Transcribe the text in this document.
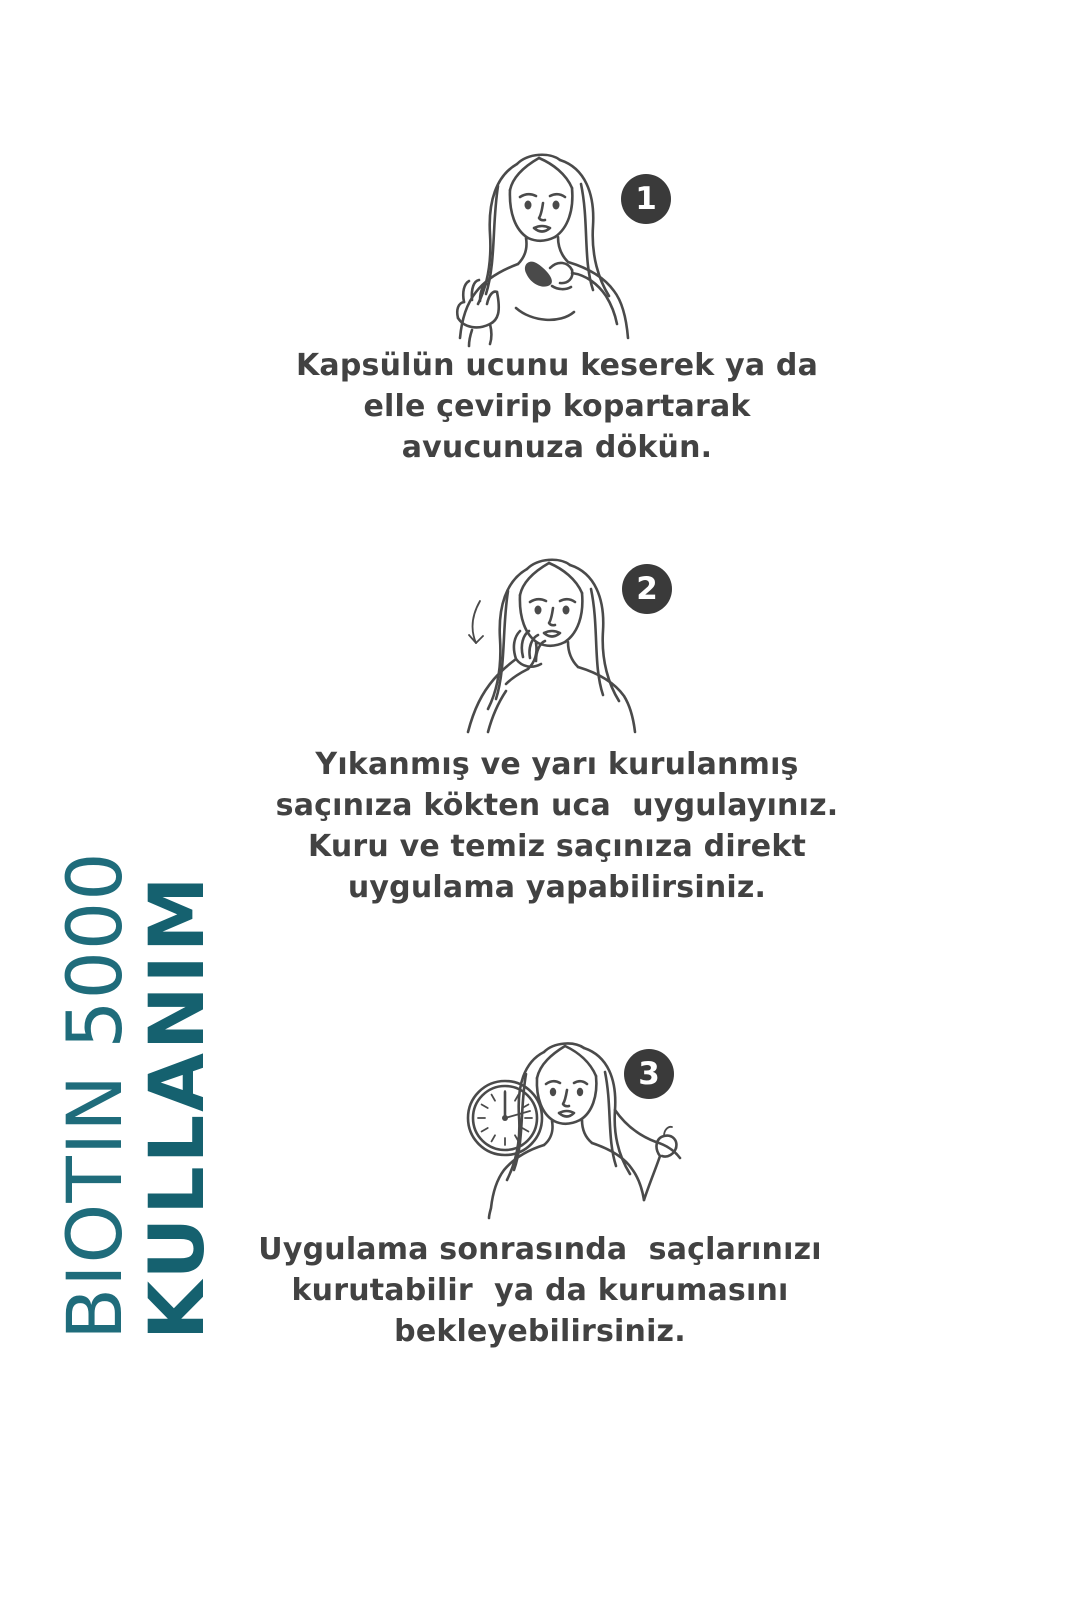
BIOTIN 5000
KULLANIM
1

Kapsülün ucunu keserek ya da
elle çevirip kopartarak
avucunuza dökün.

2

Yıkanmış ve yarı kurulanmış
saçınıza kökten uca  uygulayınız.
Kuru ve temiz saçınıza direkt
uygulama yapabilirsiniz.

3

Uygulama sonrasında  saçlarınızı
kurutabilir  ya da kurumasını
bekleyebilirsiniz.
